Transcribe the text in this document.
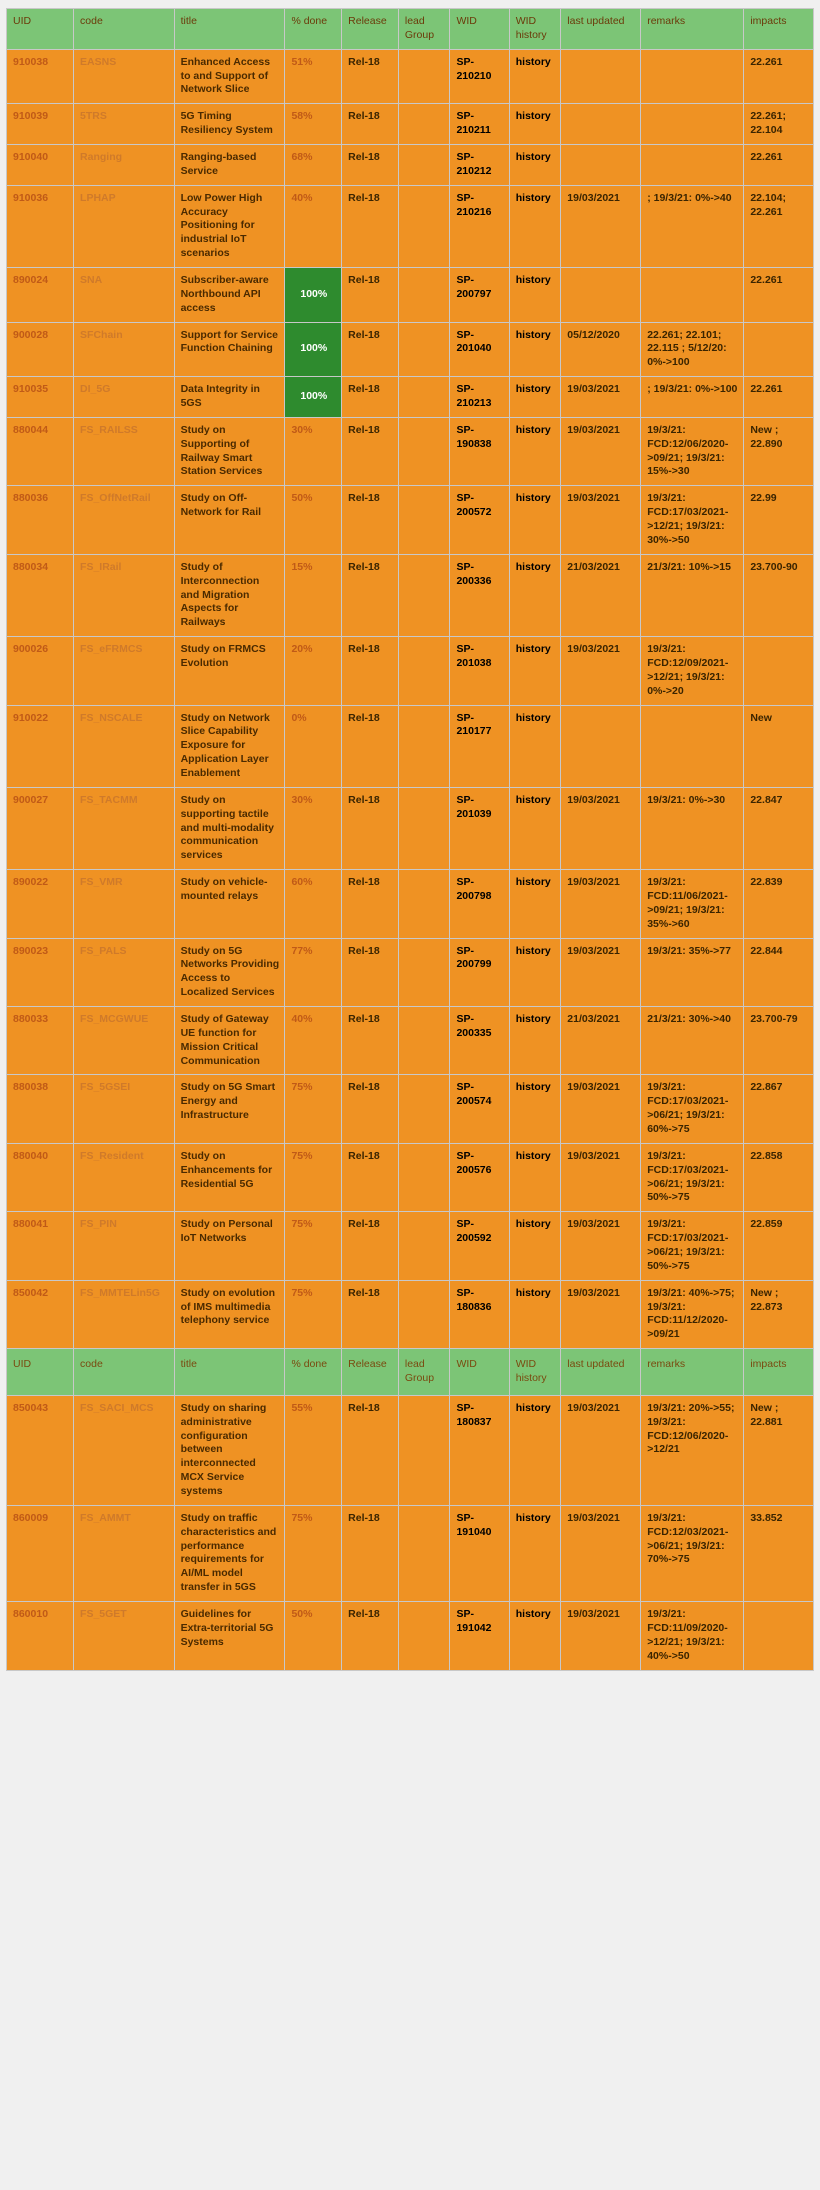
UID	code	title	% done	Release	lead Group	WID	WID history	last updated	remarks	impacts
910038	EASNS	Enhanced Access to and Support of Network Slice	51%	Rel-18		SP-210210	history			22.261
910039	5TRS	5G Timing Resiliency System	58%	Rel-18		SP-210211	history			22.261; 22.104
910040	Ranging	Ranging-based Service	68%	Rel-18		SP-210212	history			22.261
910036	LPHAP	Low Power High Accuracy Positioning for industrial IoT scenarios	40%	Rel-18		SP-210216	history	19/03/2021	; 19/3/21: 0%->40	22.104; 22.261
890024	SNA	Subscriber-aware Northbound API access	100%	Rel-18		SP-200797	history			22.261
900028	SFChain	Support for Service Function Chaining	100%	Rel-18		SP-201040	history	05/12/2020	22.261; 22.101; 22.115 ; 5/12/20: 0%->100	
910035	DI_5G	Data Integrity in 5GS	100%	Rel-18		SP-210213	history	19/03/2021	; 19/3/21: 0%->100	22.261
880044	FS_RAILSS	Study on Supporting of Railway Smart Station Services	30%	Rel-18		SP-190838	history	19/03/2021	19/3/21: FCD:12/06/2020->09/21; 19/3/21: 15%->30	New ; 22.890
880036	FS_OffNetRail	Study on Off-Network for Rail	50%	Rel-18		SP-200572	history	19/03/2021	19/3/21: FCD:17/03/2021->12/21; 19/3/21: 30%->50	22.99
880034	FS_IRail	Study of Interconnection and Migration Aspects for Railways	15%	Rel-18		SP-200336	history	21/03/2021	21/3/21: 10%->15	23.700-90
900026	FS_eFRMCS	Study on FRMCS Evolution	20%	Rel-18		SP-201038	history	19/03/2021	19/3/21: FCD:12/09/2021->12/21; 19/3/21: 0%->20	
910022	FS_NSCALE	Study on Network Slice Capability Exposure for Application Layer Enablement	0%	Rel-18		SP-210177	history			New
900027	FS_TACMM	Study on supporting tactile and multi-modality communication services	30%	Rel-18		SP-201039	history	19/03/2021	19/3/21: 0%->30	22.847
890022	FS_VMR	Study on vehicle-mounted relays	60%	Rel-18		SP-200798	history	19/03/2021	19/3/21: FCD:11/06/2021->09/21; 19/3/21: 35%->60	22.839
890023	FS_PALS	Study on 5G Networks Providing Access to Localized Services	77%	Rel-18		SP-200799	history	19/03/2021	19/3/21: 35%->77	22.844
880033	FS_MCGWUE	Study of Gateway UE function for Mission Critical Communication	40%	Rel-18		SP-200335	history	21/03/2021	21/3/21: 30%->40	23.700-79
880038	FS_5GSEI	Study on 5G Smart Energy and Infrastructure	75%	Rel-18		SP-200574	history	19/03/2021	19/3/21: FCD:17/03/2021->06/21; 19/3/21: 60%->75	22.867
880040	FS_Resident	Study on Enhancements for Residential 5G	75%	Rel-18		SP-200576	history	19/03/2021	19/3/21: FCD:17/03/2021->06/21; 19/3/21: 50%->75	22.858
880041	FS_PIN	Study on Personal IoT Networks	75%	Rel-18		SP-200592	history	19/03/2021	19/3/21: FCD:17/03/2021->06/21; 19/3/21: 50%->75	22.859
850042	FS_MMTELin5G	Study on evolution of IMS multimedia telephony service	75%	Rel-18		SP-180836	history	19/03/2021	19/3/21: 40%->75; 19/3/21: FCD:11/12/2020->09/21	New ; 22.873
UID	code	title	% done	Release	lead Group	WID	WID history	last updated	remarks	impacts
850043	FS_SACI_MCS	Study on sharing administrative configuration between interconnected MCX Service systems	55%	Rel-18		SP-180837	history	19/03/2021	19/3/21: 20%->55; 19/3/21: FCD:12/06/2020->12/21	New ; 22.881
860009	FS_AMMT	Study on traffic characteristics and performance requirements for AI/ML model transfer in 5GS	75%	Rel-18		SP-191040	history	19/03/2021	19/3/21: FCD:12/03/2021->06/21; 19/3/21: 70%->75	33.852
860010	FS_5GET	Guidelines for Extra-territorial 5G Systems	50%	Rel-18		SP-191042	history	19/03/2021	19/3/21: FCD:11/09/2020->12/21; 19/3/21: 40%->50	
